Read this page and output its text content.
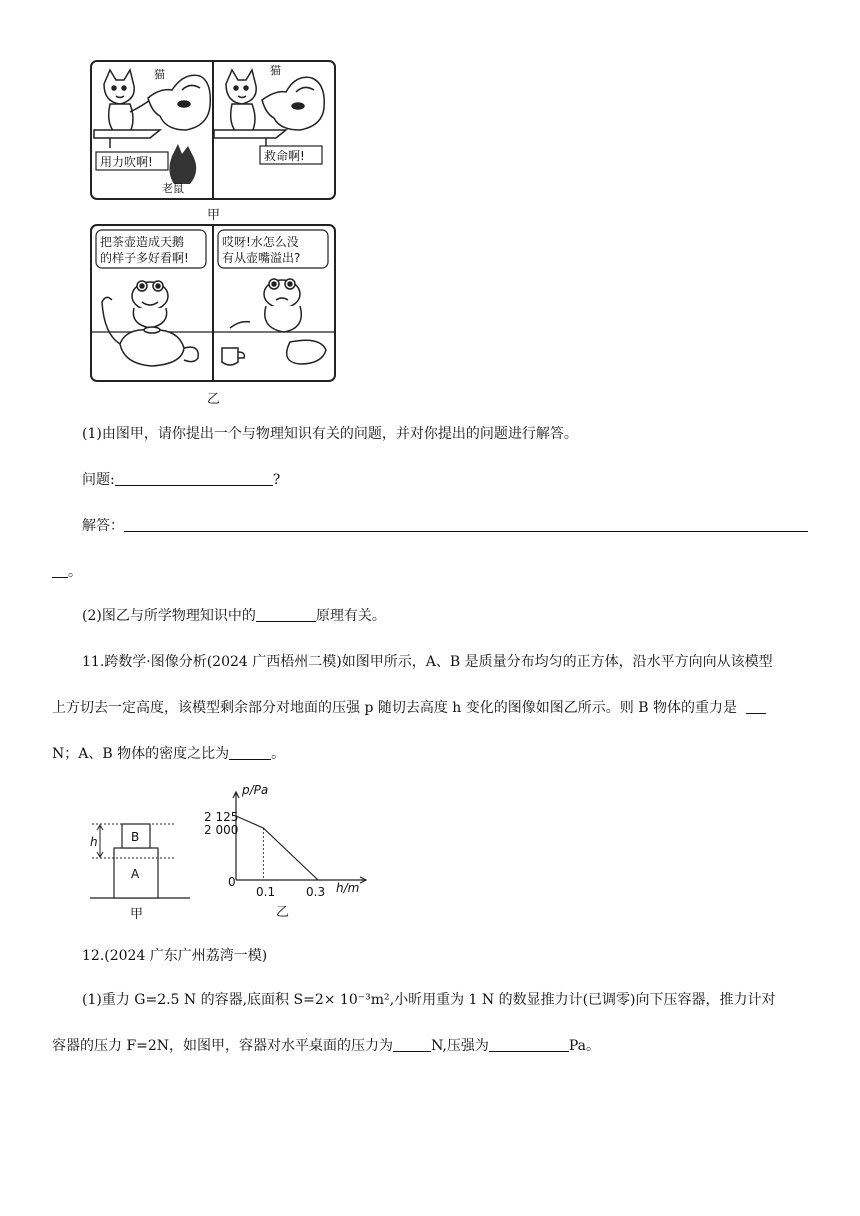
用力吹啊!
老鼠
猫
救命啊!
猫
甲
把茶壶造成天鹅
的样子多好看啊!
哎呀!水怎么没
有从壶嘴溢出?
乙
(1)由图甲，请你提出一个与物理知识有关的问题，并对你提出的问题进行解答。
问题:	?
解答：
。
(2)图乙与所学物理知识中的	原理有关。
11.跨数学·图像分析(2024 广西梧州二模)如图甲所示，A、B 是质量分布均匀的正方体，沿水平方向向从该模型
上方切去一定高度，该模型剩余部分对地面的压强 p 随切去高度 h 变化的图像如图乙所示。则 B 物体的重力是
N；A、B 物体的密度之比为	。
B
A
h
甲
p/Pa
h/m
0
2 125
2 000
0.1	0.3
乙
12.(2024 广东广州荔湾一模)
(1)重力 G=2.5 N 的容器,底面积 S=2× 10⁻³m²,小昕用重为 1 N 的数显推力计(已调零)向下压容器，推力计对
容器的压力 F=2N，如图甲，容器对水平桌面的压力为	N,压强为	Pa。
